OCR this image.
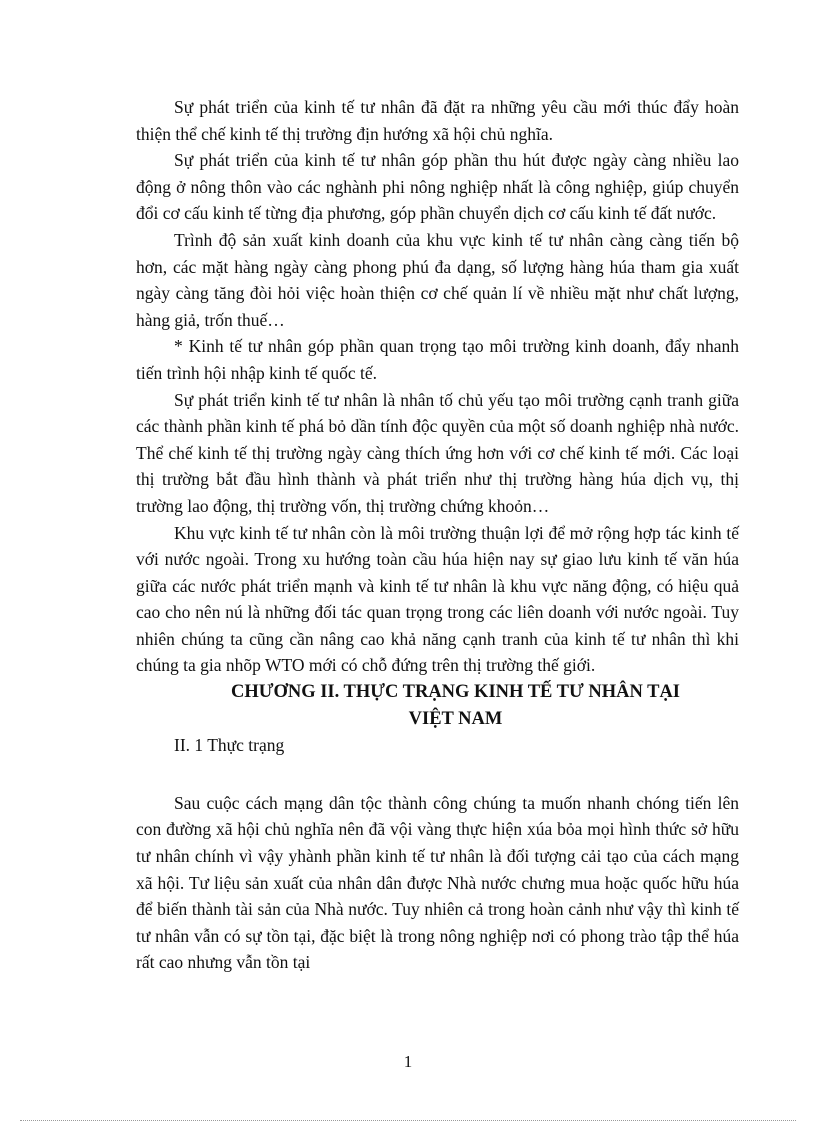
Sự phát triển của kinh tế tư nhân đã đặt ra những yêu cầu mới thúc đẩy hoàn thiện thể chế kinh tế thị trường địn hướng xã hội chủ nghĩa.

Sự phát triển của kinh tế tư nhân góp phần thu hút được ngày càng nhiều lao động ở nông thôn vào các nghành phi nông nghiệp nhất là công nghiệp, giúp chuyển đổi cơ cấu kinh tế từng địa phương, góp phần chuyển dịch cơ cấu kinh tế đất nước.

Trình độ sản xuất kinh doanh của khu vực kinh tế tư nhân càng càng tiến bộ hơn, các mặt hàng ngày càng phong phú đa dạng, số lượng hàng húa tham gia xuất ngày càng tăng đòi hỏi việc hoàn thiện cơ chế quản lí về nhiều mặt như chất lượng, hàng giả, trốn thuế…

* Kinh tế tư nhân góp phần quan trọng tạo môi trường kinh doanh, đẩy nhanh tiến trình hội nhập kinh tế quốc tế.

Sự phát triển kinh tế tư nhân là nhân tố chủ yếu tạo môi trường cạnh tranh giữa các thành phần kinh tế phá bỏ dần tính độc quyền của một số doanh nghiệp nhà nước. Thể chế kinh tế thị trường ngày càng thích ứng hơn với cơ chế kinh tế mới. Các loại thị trường bắt đầu hình thành và phát triển như thị trường hàng húa dịch vụ, thị trường lao động, thị trường vốn, thị trường chứng khoỏn…

Khu vực kinh tế tư nhân còn là môi trường thuận lợi để mở rộng hợp tác kinh tế với nước ngoài. Trong xu hướng toàn cầu húa hiện nay sự giao lưu kinh tế văn húa giữa các nước phát triển mạnh và kinh tế tư nhân là khu vực năng động, có hiệu quả cao cho nên nú là những đối tác quan trọng trong các liên doanh với nước ngoài. Tuy nhiên chúng ta cũng cần nâng cao khả năng cạnh tranh của kinh tế tư nhân thì khi chúng ta gia nhõp WTO mới có chỗ đứng trên thị trường thế giới.

CHƯƠNG II. THỰC TRẠNG KINH TẾ TƯ NHÂN TẠI
VIỆT NAM
II. 1 Thực trạng

Sau cuộc cách mạng dân tộc thành công chúng ta muốn nhanh chóng tiến lên con đường xã hội chủ nghĩa nên đã vội vàng thực hiện xúa bỏa mọi hình thức sở hữu tư nhân chính vì vậy yhành phần kinh tế tư nhân là đối tượng cải tạo của cách mạng xã hội. Tư liệu sản xuất của nhân dân được Nhà nước chưng mua hoặc quốc hữu húa để biến thành tài sản của Nhà nước. Tuy nhiên cả trong hoàn cảnh như vậy thì kinh tế tư nhân vẫn có sự tồn tại, đặc biệt là trong nông nghiệp nơi có phong trào tập thể húa rất cao nhưng vẫn tồn tại

1
